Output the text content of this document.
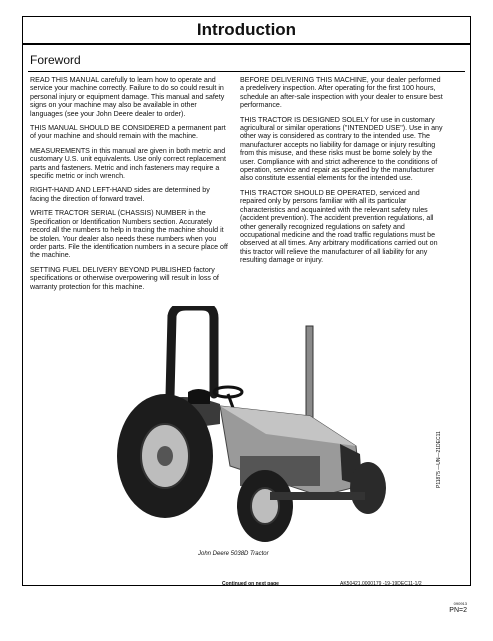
Introduction
Foreword

READ THIS MANUAL carefully to learn how to operate and service your machine correctly. Failure to do so could result in personal injury or equipment damage. This manual and safety signs on your machine may also be available in other languages (see your John Deere dealer to order).

THIS MANUAL SHOULD BE CONSIDERED a permanent part of your machine and should remain with the machine.

MEASUREMENTS in this manual are given in both metric and customary U.S. unit equivalents. Use only correct replacement parts and fasteners. Metric and inch fasteners may require a specific metric or inch wrench.

RIGHT-HAND AND LEFT-HAND sides are determined by facing the direction of forward travel.

WRITE TRACTOR SERIAL (CHASSIS) NUMBER in the Specification or Identification Numbers section. Accurately record all the numbers to help in tracing the machine should it be stolen. Your dealer also needs these numbers when you order parts. File the identification numbers in a secure place off the machine.

SETTING FUEL DELIVERY BEYOND PUBLISHED factory specifications or otherwise overpowering will result in loss of warranty protection for this machine.

BEFORE DELIVERING THIS MACHINE, your dealer performed a predelivery inspection. After operating for the first 100 hours, schedule an after-sale inspection with your dealer to ensure best performance.

THIS TRACTOR IS DESIGNED SOLELY for use in customary agricultural or similar operations ("INTENDED USE"). Use in any other way is considered as contrary to the intended use. The manufacturer accepts no liability for damage or injury resulting from this misuse, and these risks must be borne solely by the user. Compliance with and strict adherence to the conditions of operation, service and repair as specified by the manufacturer also constitute essential elements for the intended use.

THIS TRACTOR SHOULD BE OPERATED, serviced and repaired only by persons familiar with all its particular characteristics and acquainted with the relevant safety rules (accident prevention). The accident prevention regulations, all other generally recognized regulations on safety and occupational medicine and the road traffic regulations must be observed at all times. Any arbitrary modifications carried out on this tractor will relieve the manufacturer of all liability for any resulting damage or injury.

John Deere 5038D Tractor
P11875 —UN—21DEC11
Continued on next page	AK50421,0000179 -19-19DEC11-1/2
090913
PN=2
